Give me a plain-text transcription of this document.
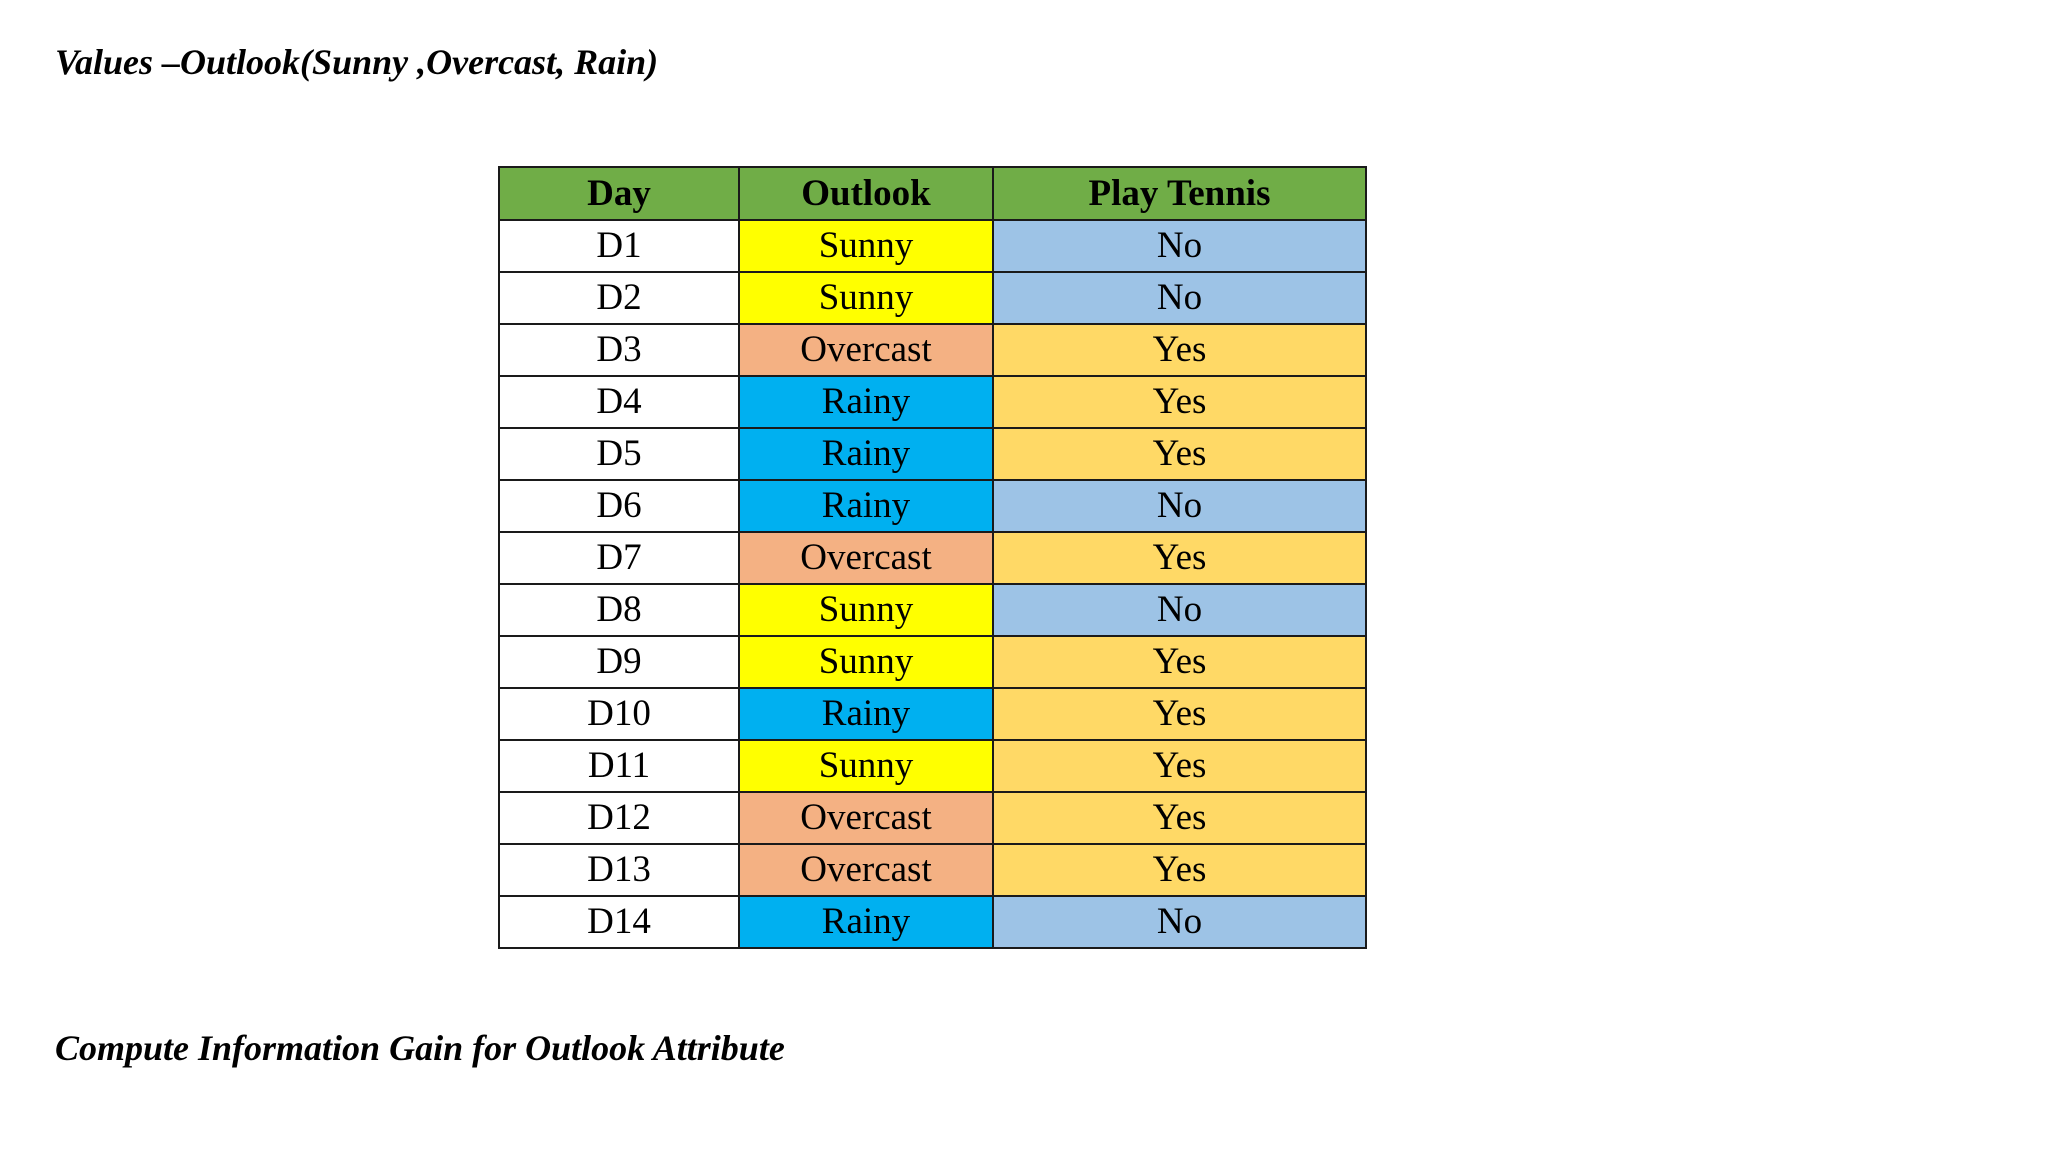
Values –Outlook(Sunny ,Overcast, Rain)
Day	Outlook	Play Tennis
D1	Sunny	No
D2	Sunny	No
D3	Overcast	Yes
D4	Rainy	Yes
D5	Rainy	Yes
D6	Rainy	No
D7	Overcast	Yes
D8	Sunny	No
D9	Sunny	Yes
D10	Rainy	Yes
D11	Sunny	Yes
D12	Overcast	Yes
D13	Overcast	Yes
D14	Rainy	No

Compute Information Gain for Outlook Attribute
